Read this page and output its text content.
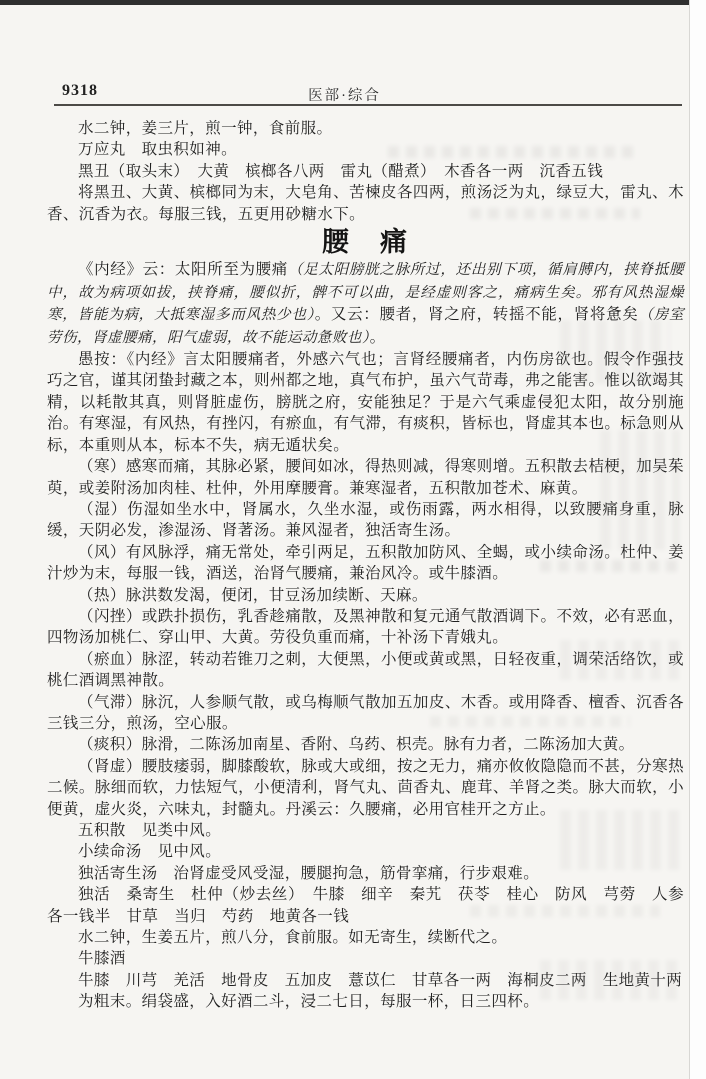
9318	医部·综合

水二钟，姜三片，煎一钟，食前服。

万应丸　取虫积如神。

黑丑（取头末）　大黄　槟榔各八两　雷丸（醋煮）　木香各一两　沉香五钱

将黑丑、大黄、槟榔同为末，大皂角、苦楝皮各四两，煎汤泛为丸，绿豆大，雷丸、木香、沉香为衣。每服三钱，五更用砂糖水下。

腰　痛

《内经》云：太阳所至为腰痛（足太阳膀胱之脉所过，还出别下项，循肩膊内，挟脊抵腰中，故为病项如拔，挟脊痛，腰似折，髀不可以曲，是经虚则客之，痛病生矣。邪有风热湿燥寒，皆能为病，大抵寒湿多而风热少也）。又云：腰者，肾之府，转摇不能，肾将惫矣（房室劳伤，肾虚腰痛，阳气虚弱，故不能运动惫败也）。

愚按：《内经》言太阳腰痛者，外感六气也；言肾经腰痛者，内伤房欲也。假令作强技巧之官，谨其闭蛰封藏之本，则州都之地，真气布护，虽六气苛毒，弗之能害。惟以欲竭其精，以耗散其真，则肾脏虚伤，膀胱之府，安能独足？于是六气乘虚侵犯太阳，故分别施治。有寒湿，有风热，有挫闪，有瘀血，有气滞，有痰积，皆标也，肾虚其本也。标急则从标，本重则从本，标本不失，病无遁状矣。

（寒）感寒而痛，其脉必紧，腰间如冰，得热则减，得寒则增。五积散去桔梗，加吴茱萸，或姜附汤加肉桂、杜仲，外用摩腰膏。兼寒湿者，五积散加苍术、麻黄。

（湿）伤湿如坐水中，肾属水，久坐水湿，或伤雨露，两水相得，以致腰痛身重，脉缓，天阴必发，渗湿汤、肾著汤。兼风湿者，独活寄生汤。

（风）有风脉浮，痛无常处，牵引两足，五积散加防风、全蝎，或小续命汤。杜仲、姜汁炒为末，每服一钱，酒送，治肾气腰痛，兼治风冷。或牛膝酒。

（热）脉洪数发渴，便闭，甘豆汤加续断、天麻。

（闪挫）或跌扑损伤，乳香趁痛散，及黑神散和复元通气散酒调下。不效，必有恶血，四物汤加桃仁、穿山甲、大黄。劳役负重而痛，十补汤下青娥丸。

（瘀血）脉涩，转动若锥刀之刺，大便黑，小便或黄或黑，日轻夜重，调荣活络饮，或桃仁酒调黑神散。

（气滞）脉沉，人参顺气散，或乌梅顺气散加五加皮、木香。或用降香、檀香、沉香各三钱三分，煎汤，空心服。

（痰积）脉滑，二陈汤加南星、香附、乌药、枳壳。脉有力者，二陈汤加大黄。

（肾虚）腰肢痿弱，脚膝酸软，脉或大或细，按之无力，痛亦攸攸隐隐而不甚，分寒热二候。脉细而软，力怯短气，小便清利，肾气丸、茴香丸、鹿茸、羊肾之类。脉大而软，小便黄，虚火炎，六味丸，封髓丸。丹溪云：久腰痛，必用官桂开之方止。

五积散　见类中风。

小续命汤　见中风。

独活寄生汤　治肾虚受风受湿，腰腿拘急，筋骨挛痛，行步艰难。

独活　桑寄生　杜仲（炒去丝）　牛膝　细辛　秦艽　茯苓　桂心　防风　芎䓖　人参各一钱半　甘草　当归　芍药　地黄各一钱

水二钟，生姜五片，煎八分，食前服。如无寄生，续断代之。

牛膝酒

牛膝　川芎　羌活　地骨皮　五加皮　薏苡仁　甘草各一两　海桐皮二两　生地黄十两

为粗末。绢袋盛，入好酒二斗，浸二七日，每服一杯，日三四杯。
